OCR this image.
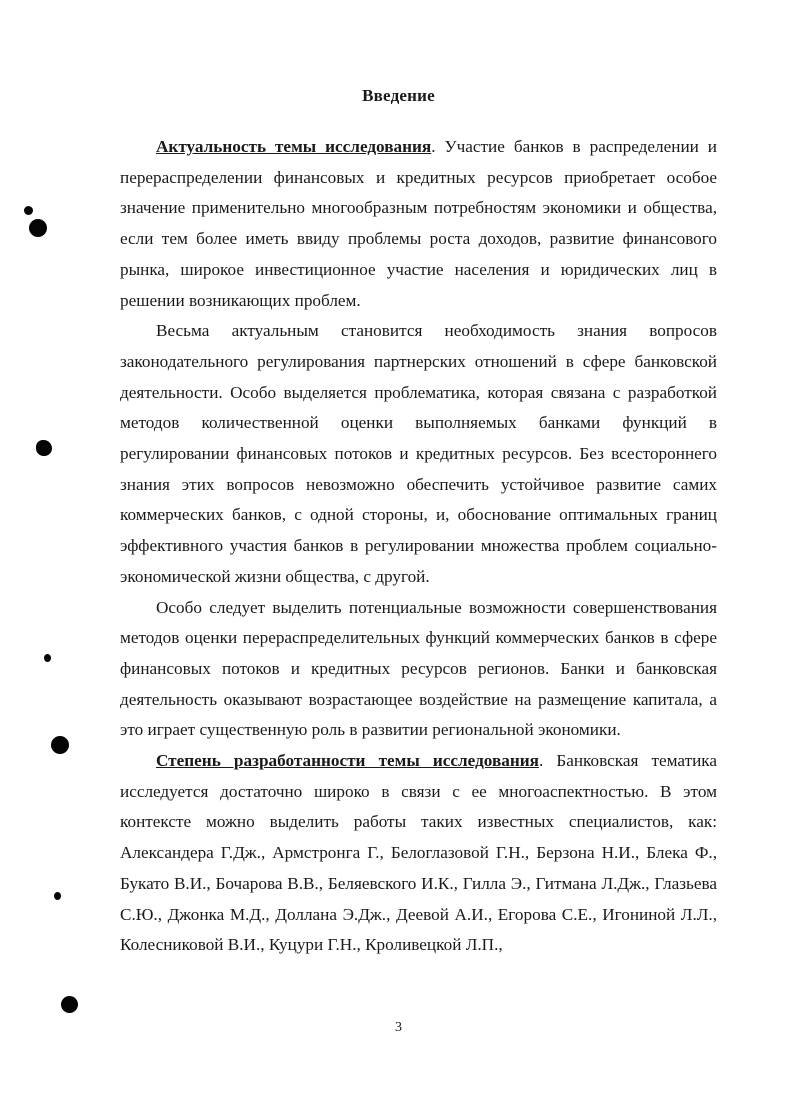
Введение

Актуальность темы исследования. Участие банков в распределении и перераспределении финансовых и кредитных ресурсов приобретает особое значение применительно многообразным потребностям экономики и общества, если тем более иметь ввиду проблемы роста доходов, развитие финансового рынка, широкое инвестиционное участие населения и юридических лиц в решении возникающих проблем.

Весьма актуальным становится необходимость знания вопросов законодательного регулирования партнерских отношений в сфере банковской деятельности. Особо выделяется проблематика, которая связана с разработкой методов количественной оценки выполняемых банками функций в регулировании финансовых потоков и кредитных ресурсов. Без всестороннего знания этих вопросов невозможно обеспечить устойчивое развитие самих коммерческих банков, с одной стороны, и, обоснование оптимальных границ эффективного участия банков в регулировании множества проблем социально-экономической жизни общества, с другой.

Особо следует выделить потенциальные возможности совершенствования методов оценки перераспределительных функций коммерческих банков в сфере финансовых потоков и кредитных ресурсов регионов. Банки и банковская деятельность оказывают возрастающее воздействие на размещение капитала, а это играет существенную роль в развитии региональной экономики.

Степень разработанности темы исследования. Банковская тематика исследуется достаточно широко в связи с ее многоаспектностью. В этом контексте можно выделить работы таких известных специалистов, как: Александера Г.Дж., Армстронга Г., Белоглазовой Г.Н., Берзона Н.И., Блека Ф., Букато В.И., Бочарова В.В., Беляевского И.К., Гилла Э., Гитмана Л.Дж., Глазьева С.Ю., Джонка М.Д., Доллана Э.Дж., Деевой А.И., Егорова С.Е., Игониной Л.Л., Колесниковой В.И., Куцури Г.Н., Кроливецкой Л.П.,

3
